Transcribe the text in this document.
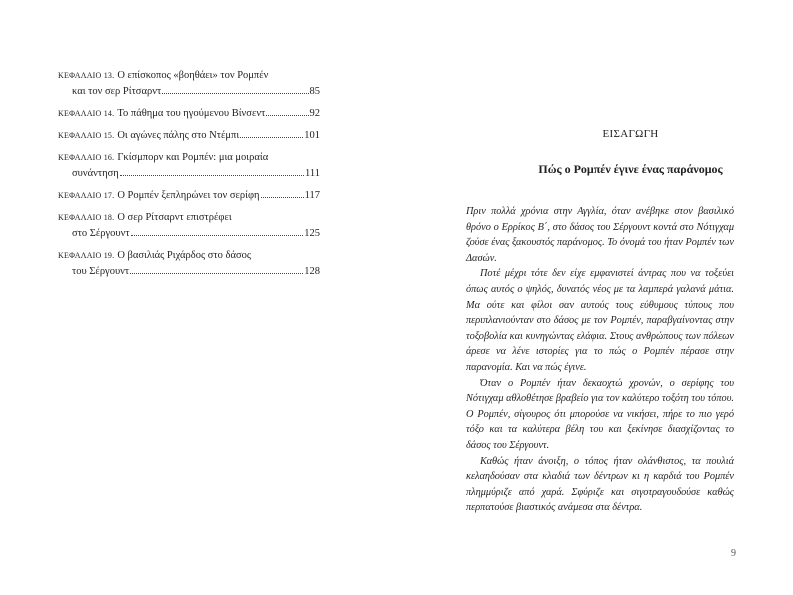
ΚΕΦΑΛΑΙΟ 13. Ο επίσκοπος «βοηθάει» τον Ρομπέν
και τον σερ Ρίτσαρντ	85
ΚΕΦΑΛΑΙΟ 14. Το πάθημα του ηγούμενου Βίνσεντ	92
ΚΕΦΑΛΑΙΟ 15. Οι αγώνες πάλης στο Ντέμπι	101
ΚΕΦΑΛΑΙΟ 16. Γκίσμπορν και Ρομπέν: μια μοιραία
συνάντηση	111
ΚΕΦΑΛΑΙΟ 17. Ο Ρομπέν ξεπληρώνει τον σερίφη	117
ΚΕΦΑΛΑΙΟ 18. Ο σερ Ρίτσαρντ επιστρέφει
στο Σέργουντ	125
ΚΕΦΑΛΑΙΟ 19. Ο βασιλιάς Ριχάρδος στο δάσος
του Σέργουντ	128
ΕΙΣΑΓΩΓΗ
Πώς ο Ρομπέν έγινε ένας παράνομος

Πριν πολλά χρόνια στην Αγγλία, όταν ανέβηκε στον βασιλικό θρόνο ο Ερρίκος Β΄, στο δάσος του Σέργουντ κοντά στο Νότιγχαμ ζούσε ένας ξακουστός παράνομος. Το όνομά του ήταν Ρομπέν των Δασών.

Ποτέ μέχρι τότε δεν είχε εμφανιστεί άντρας που να τοξεύει όπως αυτός ο ψηλός, δυνατός νέος με τα λαμπερά γαλανά μάτια. Μα ούτε και φίλοι σαν αυτούς τους εύθυμους τύπους που περιπλανιούνταν στο δάσος με τον Ρομπέν, παραβγαίνοντας στην τοξοβολία και κυνηγώντας ελάφια. Στους ανθρώπους των πόλεων άρεσε να λένε ιστορίες για το πώς ο Ρομπέν πέρασε στην παρανομία. Και να πώς έγινε.

Όταν ο Ρομπέν ήταν δεκαοχτώ χρονών, ο σερίφης του Νότιγχαμ αθλοθέτησε βραβείο για τον καλύτερο τοξότη του τόπου. Ο Ρομπέν, σίγουρος ότι μπορούσε να νικήσει, πήρε το πιο γερό τόξο και τα καλύτερα βέλη του και ξεκίνησε διασχίζοντας το δάσος του Σέργουντ.

Καθώς ήταν άνοιξη, ο τόπος ήταν ολάνθιστος, τα πουλιά κελαηδούσαν στα κλαδιά των δέντρων κι η καρδιά του Ρομπέν πλημμύριζε από χαρά. Σφύριζε και σιγοτραγουδούσε καθώς περπατούσε βιαστικός ανάμεσα στα δέντρα.

9
